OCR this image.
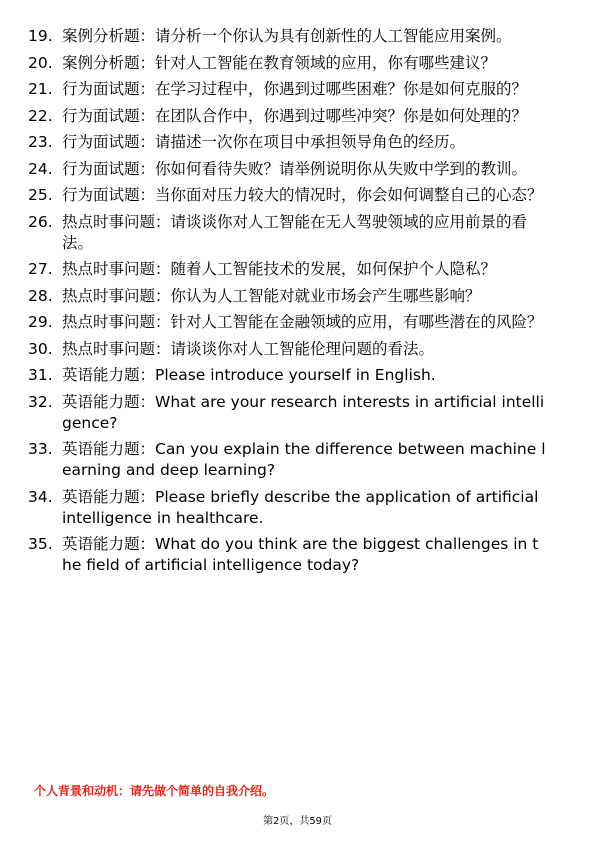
19. 案例分析题：请分析一个你认为具有创新性的人工智能应用案例。
20. 案例分析题：针对人工智能在教育领域的应用，你有哪些建议？
21. 行为面试题：在学习过程中，你遇到过哪些困难？你是如何克服的？
22. 行为面试题：在团队合作中，你遇到过哪些冲突？你是如何处理的？
23. 行为面试题：请描述一次你在项目中承担领导角色的经历。
24. 行为面试题：你如何看待失败？请举例说明你从失败中学到的教训。
25. 行为面试题：当你面对压力较大的情况时，你会如何调整自己的心态？
26. 热点时事问题：请谈谈你对人工智能在无人驾驶领域的应用前景的看法。
27. 热点时事问题：随着人工智能技术的发展，如何保护个人隐私？
28. 热点时事问题：你认为人工智能对就业市场会产生哪些影响？
29. 热点时事问题：针对人工智能在金融领域的应用，有哪些潜在的风险？
30. 热点时事问题：请谈谈你对人工智能伦理问题的看法。
31. 英语能力题：Please introduce yourself in English.
32. 英语能力题：What are your research interests in artificial intelligence?
33. 英语能力题：Can you explain the difference between machine learning and deep learning?
34. 英语能力题：Please briefly describe the application of artificial intelligence in healthcare.
35. 英语能力题：What do you think are the biggest challenges in the field of artificial intelligence today?
个人背景和动机：请先做个简单的自我介绍。
第2页，共59页
